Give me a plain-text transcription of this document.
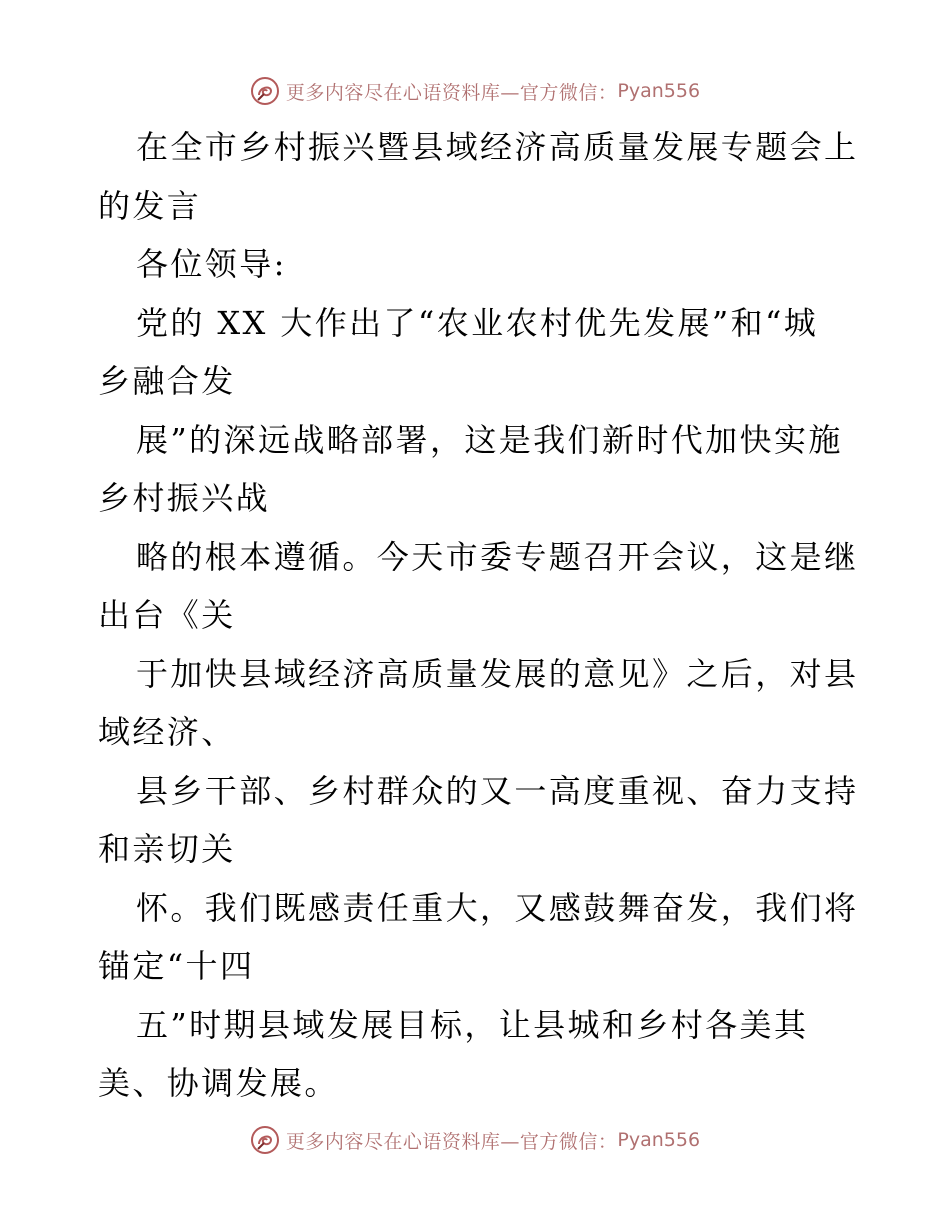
更多内容尽在心语资料库—官方微信： Pyan556
在全市乡村振兴暨县域经济高质量发展专题会上
的发言
各位领导:
党的 XX 大作出了“农业农村优先发展”和“城
乡融合发
展”的深远战略部署，这是我们新时代加快实施
乡村振兴战
略的根本遵循。今天市委专题召开会议，这是继
出台《关
于加快县域经济高质量发展的意见》之后，对县
域经济、
县乡干部、乡村群众的又一高度重视、奋力支持
和亲切关
怀。我们既感责任重大，又感鼓舞奋发，我们将
锚定“十四
五”时期县域发展目标，让县城和乡村各美其
美、协调发展。
更多内容尽在心语资料库—官方微信： Pyan556
